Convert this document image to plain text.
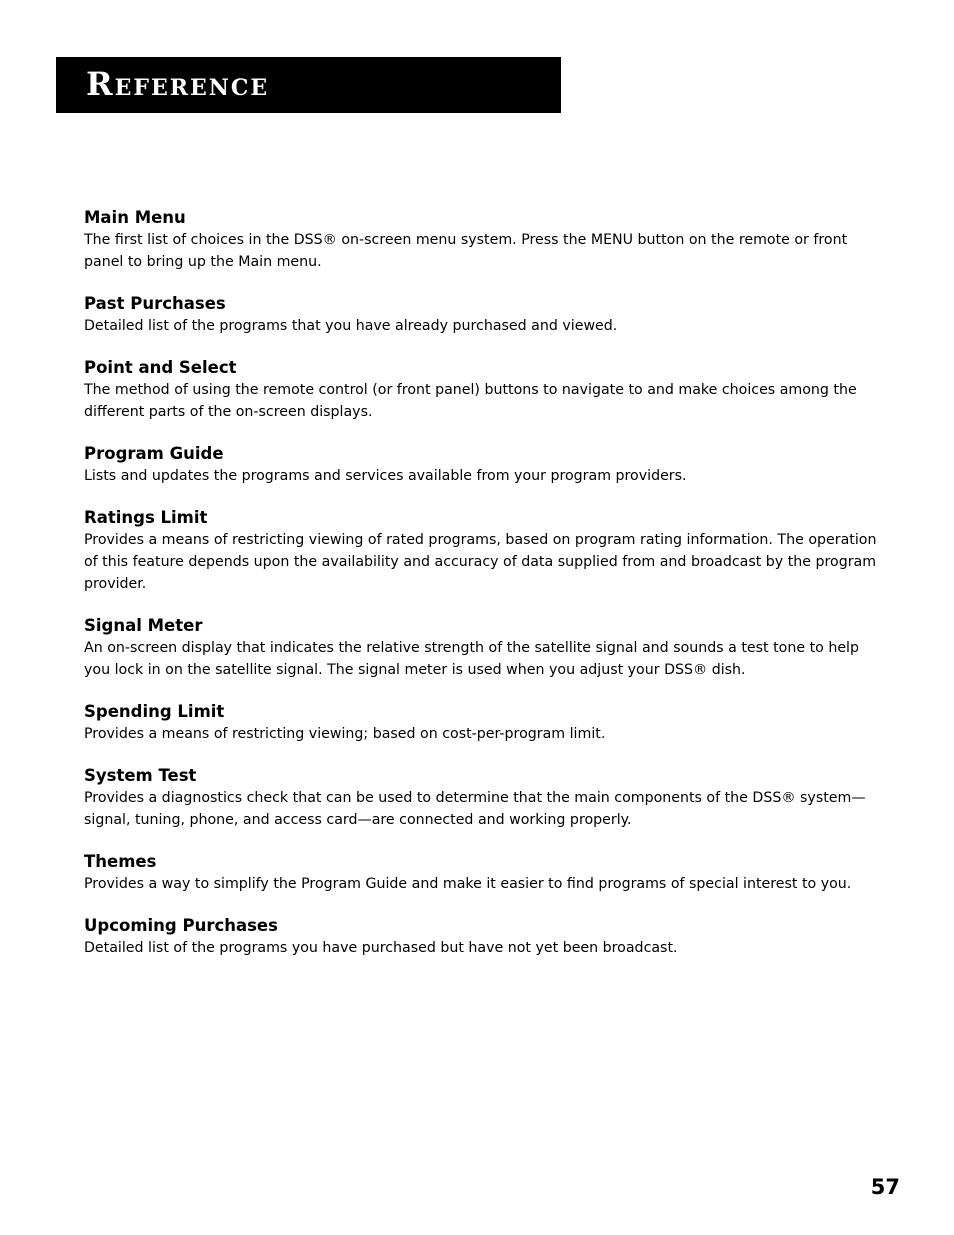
Reference

Main Menu

The first list of choices in the DSS® on-screen menu system. Press the MENU button on the remote or front panel to bring up the Main menu.

Past Purchases

Detailed list of the programs that you have already purchased and viewed.

Point and Select

The method of using the remote control (or front panel) buttons to navigate to and make choices among the different parts of the on-screen displays.

Program Guide

Lists and updates the programs and services available from your program providers.

Ratings Limit

Provides a means of restricting viewing of rated programs, based on program rating information. The operation of this feature depends upon the availability and accuracy of data supplied from and broadcast by the program provider.

Signal Meter

An on-screen display that indicates the relative strength of the satellite signal and sounds a test tone to help you lock in on the satellite signal. The signal meter is used when you adjust your DSS® dish.

Spending Limit

Provides a means of restricting viewing; based on cost-per-program limit.

System Test

Provides a diagnostics check that can be used to determine that the main components of the DSS® system—signal, tuning, phone, and access card—are connected and working properly.

Themes

Provides a way to simplify the Program Guide and make it easier to find programs of special interest to you.

Upcoming Purchases

Detailed list of the programs you have purchased but have not yet been broadcast.

57
